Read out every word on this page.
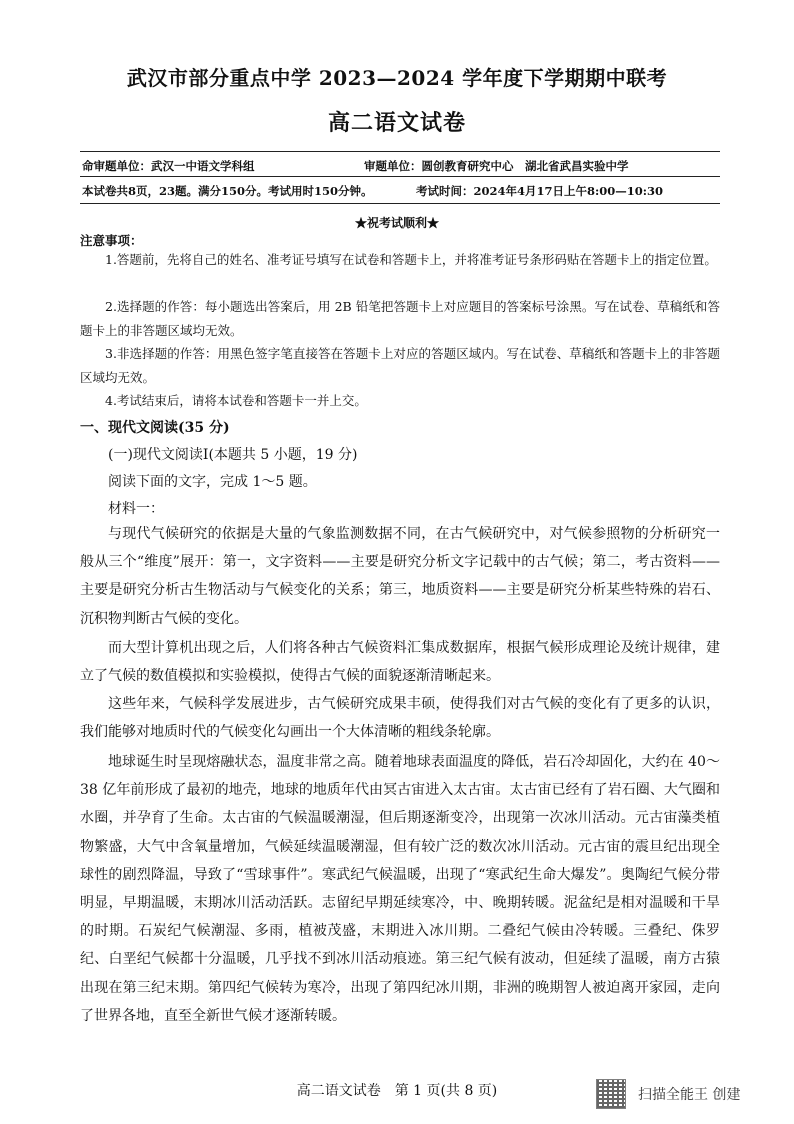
武汉市部分重点中学 2023—2024 学年度下学期期中联考
高二语文试卷
命审题单位：武汉一中语文学科组	审题单位：圆创教育研究中心　湖北省武昌实验中学
本试卷共8页，23题。满分150分。考试用时150分钟。	考试时间：2024年4月17日上午8:00—10:30
★祝考试顺利★
注意事项：
1.答题前，先将自己的姓名、准考证号填写在试卷和答题卡上，并将准考证号条形码贴在答题卡上的指定位置。
2.选择题的作答：每小题选出答案后，用 2B 铅笔把答题卡上对应题目的答案标号涂黑。写在试卷、草稿纸和答题卡上的非答题区域均无效。
3.非选择题的作答：用黑色签字笔直接答在答题卡上对应的答题区域内。写在试卷、草稿纸和答题卡上的非答题区域均无效。
4.考试结束后，请将本试卷和答题卡一并上交。
一、现代文阅读(35 分)
(一)现代文阅读Ⅰ(本题共 5 小题，19 分)
阅读下面的文字，完成 1～5 题。
材料一：

与现代气候研究的依据是大量的气象监测数据不同，在古气候研究中，对气候参照物的分析研究一般从三个“维度”展开：第一，文字资料——主要是研究分析文字记载中的古气候；第二，考古资料——主要是研究分析古生物活动与气候变化的关系；第三，地质资料——主要是研究分析某些特殊的岩石、沉积物判断古气候的变化。

而大型计算机出现之后，人们将各种古气候资料汇集成数据库，根据气候形成理论及统计规律，建立了气候的数值模拟和实验模拟，使得古气候的面貌逐渐清晰起来。

这些年来，气候科学发展进步，古气候研究成果丰硕，使得我们对古气候的变化有了更多的认识，我们能够对地质时代的气候变化勾画出一个大体清晰的粗线条轮廓。

地球诞生时呈现熔融状态，温度非常之高。随着地球表面温度的降低，岩石冷却固化，大约在 40～38 亿年前形成了最初的地壳，地球的地质年代由冥古宙进入太古宙。太古宙已经有了岩石圈、大气圈和水圈，并孕育了生命。太古宙的气候温暖潮湿，但后期逐渐变冷，出现第一次冰川活动。元古宙藻类植物繁盛，大气中含氧量增加，气候延续温暖潮湿，但有较广泛的数次冰川活动。元古宙的震旦纪出现全球性的剧烈降温，导致了“雪球事件”。寒武纪气候温暖，出现了“寒武纪生命大爆发”。奥陶纪气候分带明显，早期温暖，末期冰川活动活跃。志留纪早期延续寒冷，中、晚期转暖。泥盆纪是相对温暖和干旱的时期。石炭纪气候潮湿、多雨，植被茂盛，末期进入冰川期。二叠纪气候由冷转暖。三叠纪、侏罗纪、白垩纪气候都十分温暖，几乎找不到冰川活动痕迹。第三纪气候有波动，但延续了温暖，南方古猿出现在第三纪末期。第四纪气候转为寒冷，出现了第四纪冰川期，非洲的晚期智人被迫离开家园，走向了世界各地，直至全新世气候才逐渐转暖。

高二语文试卷　第 1 页(共 8 页)	扫描全能王 创建
